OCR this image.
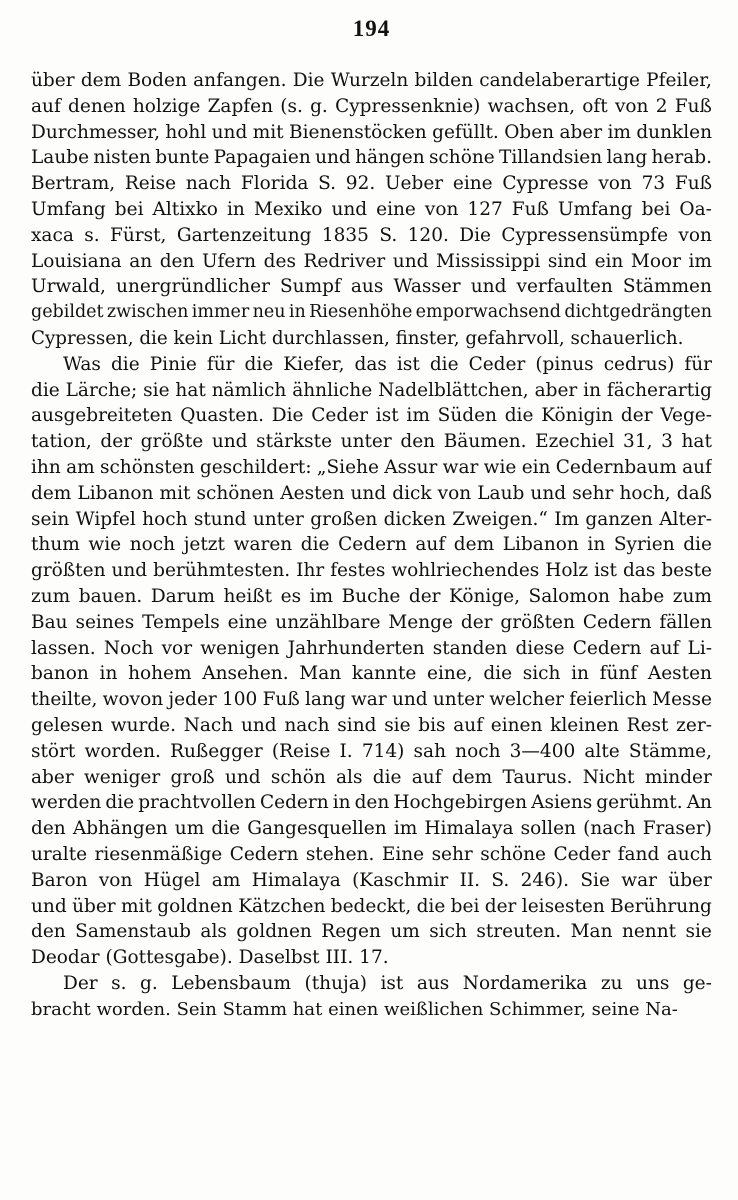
194
über dem Boden anfangen. Die Wurzeln bilden candelaberartige Pfeiler,
auf denen holzige Zapfen (s. g. Cypressenknie) wachsen, oft von 2 Fuß
Durchmesser, hohl und mit Bienenstöcken gefüllt. Oben aber im dunklen
Laube nisten bunte Papagaien und hängen schöne Tillandsien lang herab.
Bertram, Reise nach Florida S. 92. Ueber eine Cypresse von 73 Fuß
Umfang bei Altixko in Mexiko und eine von 127 Fuß Umfang bei Oa-
xaca s. Fürst, Gartenzeitung 1835 S. 120. Die Cypressensümpfe von
Louisiana an den Ufern des Redriver und Mississippi sind ein Moor im
Urwald, unergründlicher Sumpf aus Wasser und verfaulten Stämmen
gebildet zwischen immer neu in Riesenhöhe emporwachsend dichtgedrängten
Cypressen, die kein Licht durchlassen, finster, gefahrvoll, schauerlich.
Was die Pinie für die Kiefer, das ist die Ceder (pinus cedrus) für
die Lärche; sie hat nämlich ähnliche Nadelblättchen, aber in fächerartig
ausgebreiteten Quasten. Die Ceder ist im Süden die Königin der Vege-
tation, der größte und stärkste unter den Bäumen. Ezechiel 31, 3 hat
ihn am schönsten geschildert: „Siehe Assur war wie ein Cedernbaum auf
dem Libanon mit schönen Aesten und dick von Laub und sehr hoch, daß
sein Wipfel hoch stund unter großen dicken Zweigen.“ Im ganzen Alter-
thum wie noch jetzt waren die Cedern auf dem Libanon in Syrien die
größten und berühmtesten. Ihr festes wohlriechendes Holz ist das beste
zum bauen. Darum heißt es im Buche der Könige, Salomon habe zum
Bau seines Tempels eine unzählbare Menge der größten Cedern fällen
lassen. Noch vor wenigen Jahrhunderten standen diese Cedern auf Li-
banon in hohem Ansehen. Man kannte eine, die sich in fünf Aesten
theilte, wovon jeder 100 Fuß lang war und unter welcher feierlich Messe
gelesen wurde. Nach und nach sind sie bis auf einen kleinen Rest zer-
stört worden. Rußegger (Reise I. 714) sah noch 3—400 alte Stämme,
aber weniger groß und schön als die auf dem Taurus. Nicht minder
werden die prachtvollen Cedern in den Hochgebirgen Asiens gerühmt. An
den Abhängen um die Gangesquellen im Himalaya sollen (nach Fraser)
uralte riesenmäßige Cedern stehen. Eine sehr schöne Ceder fand auch
Baron von Hügel am Himalaya (Kaschmir II. S. 246). Sie war über
und über mit goldnen Kätzchen bedeckt, die bei der leisesten Berührung
den Samenstaub als goldnen Regen um sich streuten. Man nennt sie
Deodar (Gottesgabe). Daselbst III. 17.
Der s. g. Lebensbaum (thuja) ist aus Nordamerika zu uns ge-
bracht worden. Sein Stamm hat einen weißlichen Schimmer, seine Na-
